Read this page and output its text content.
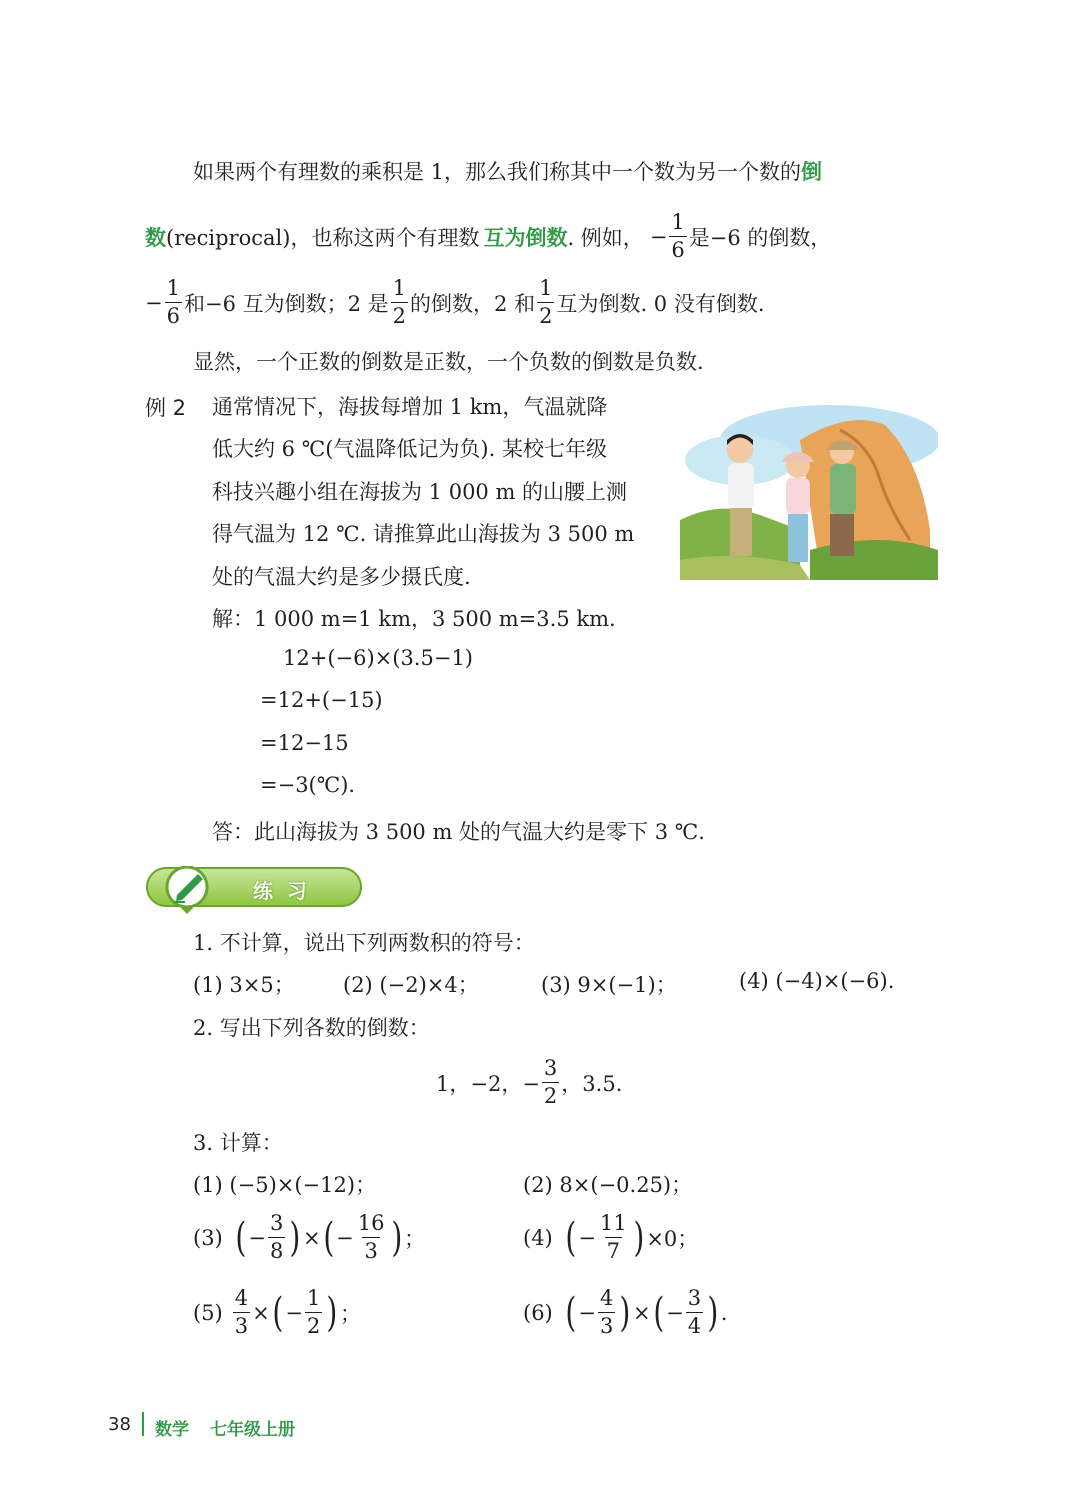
如果两个有理数的乘积是 1，那么我们称其中一个数为另一个数的 倒
数 (reciprocal)，也称这两个有理数 互为倒数 . 例如， − $\frac{1}{6}$ 是−6 的倒数，
− $\frac{1}{6}$ 和−6 互为倒数；2 是 $\frac{1}{2}$ 的倒数，2 和 $\frac{1}{2}$ 互为倒数. 0 没有倒数.
显然，一个正数的倒数是正数，一个负数的倒数是负数.
例 2 通常情况下，海拔每增加 1 km，气温就降
低大约 6 ℃(气温降低记为负). 某校七年级
科技兴趣小组在海拔为 1 000 m 的山腰上测
得气温为 12 ℃. 请推算此山海拔为 3 500 m
处的气温大约是多少摄氏度.
解：1 000 m=1 km，3 500 m=3.5 km.
12+(−6)×(3.5−1)
=12+(−15)
=12−15
=−3(℃).
答：此山海拔为 3 500 m 处的气温大约是零下 3 ℃.
练  习
1. 不计算，说出下列两数积的符号：
(1) 3×5； (2) (−2)×4；	(3) 9×(−1)；	(4) (−4)×(−6).
2. 写出下列各数的倒数：
1，−2，− $\frac{3}{2}$ ，3.5.
3. 计算：
(1) (−5)×(−12)；	(2) 8×(−0.25)；
(3) ( − $\frac{3}{8}$ ) × ( − $\frac{16}{3}$ ) ；	(4) ( − $\frac{11}{7}$ ) ×0；
$(5) \frac{4}{3}$ × ( − $\frac{1}{2}$ ) ；	(6) ( − $\frac{4}{3}$ ) × ( − $\frac{3}{4}$ ) .
38 数学 七年级上册
